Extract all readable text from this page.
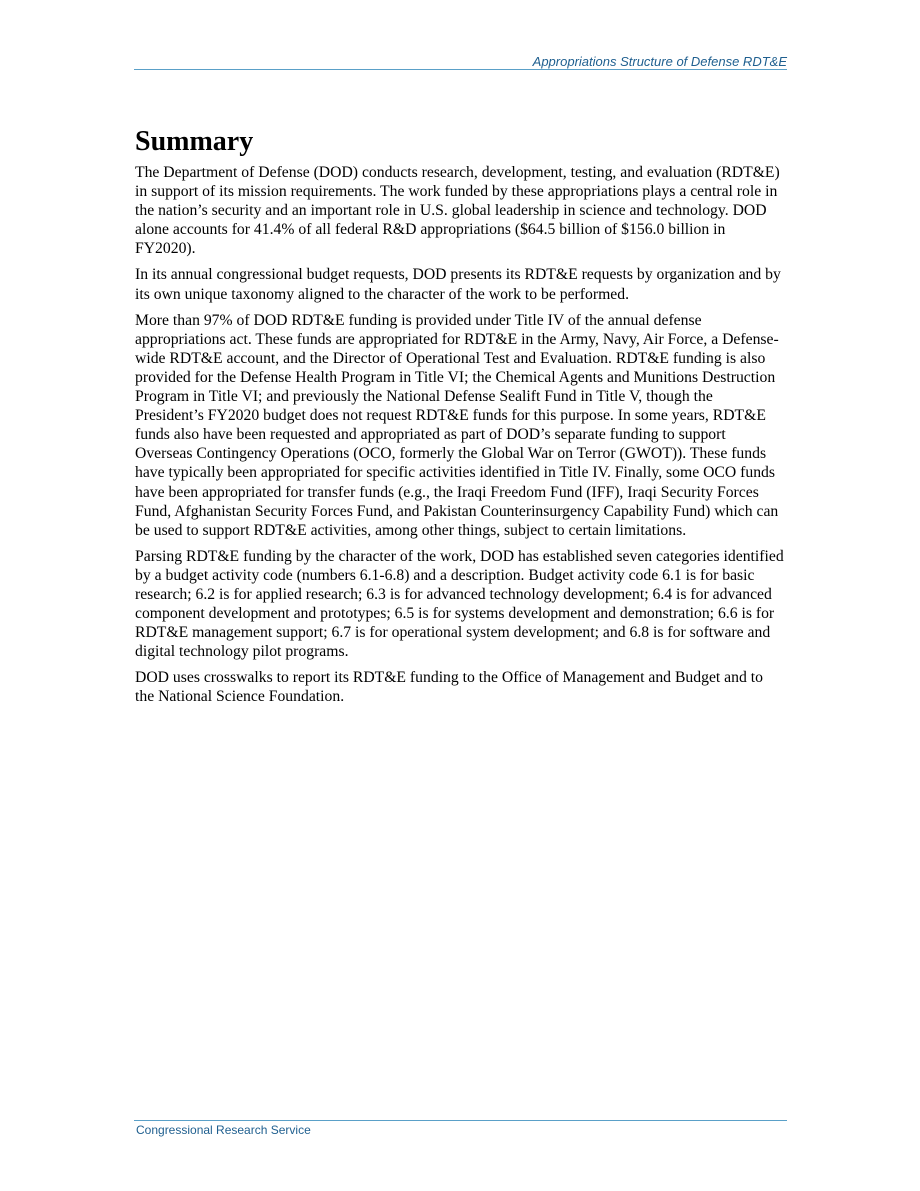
Appropriations Structure of Defense RDT&E
Summary

The Department of Defense (DOD) conducts research, development, testing, and evaluation (RDT&E) in support of its mission requirements. The work funded by these appropriations plays a central role in the nation’s security and an important role in U.S. global leadership in science and technology. DOD alone accounts for 41.4% of all federal R&D appropriations ($64.5 billion of $156.0 billion in FY2020).

In its annual congressional budget requests, DOD presents its RDT&E requests by organization and by its own unique taxonomy aligned to the character of the work to be performed.

More than 97% of DOD RDT&E funding is provided under Title IV of the annual defense appropriations act. These funds are appropriated for RDT&E in the Army, Navy, Air Force, a Defense-wide RDT&E account, and the Director of Operational Test and Evaluation. RDT&E funding is also provided for the Defense Health Program in Title VI; the Chemical Agents and Munitions Destruction Program in Title VI; and previously the National Defense Sealift Fund in Title V, though the President’s FY2020 budget does not request RDT&E funds for this purpose. In some years, RDT&E funds also have been requested and appropriated as part of DOD’s separate funding to support Overseas Contingency Operations (OCO, formerly the Global War on Terror (GWOT)). These funds have typically been appropriated for specific activities identified in Title IV. Finally, some OCO funds have been appropriated for transfer funds (e.g., the Iraqi Freedom Fund (IFF), Iraqi Security Forces Fund, Afghanistan Security Forces Fund, and Pakistan Counterinsurgency Capability Fund) which can be used to support RDT&E activities, among other things, subject to certain limitations.

Parsing RDT&E funding by the character of the work, DOD has established seven categories identified by a budget activity code (numbers 6.1-6.8) and a description. Budget activity code 6.1 is for basic research; 6.2 is for applied research; 6.3 is for advanced technology development; 6.4 is for advanced component development and prototypes; 6.5 is for systems development and demonstration; 6.6 is for RDT&E management support; 6.7 is for operational system development; and 6.8 is for software and digital technology pilot programs.

DOD uses crosswalks to report its RDT&E funding to the Office of Management and Budget and to the National Science Foundation.

Congressional Research Service
